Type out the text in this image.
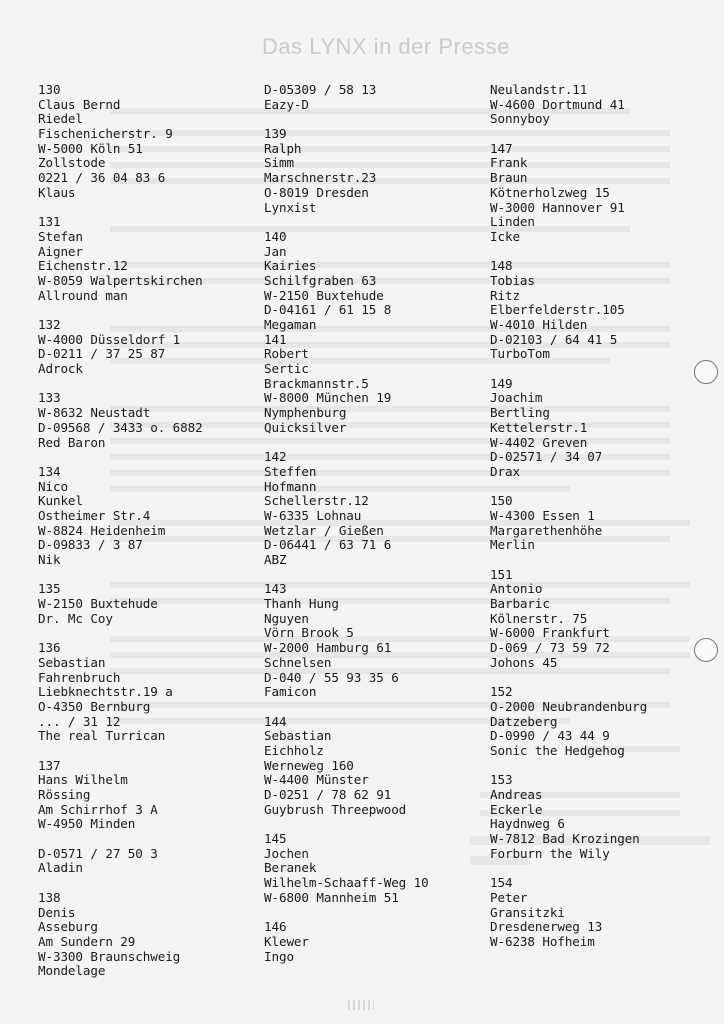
Das LYNX in der Presse
130
Claus Bernd
Riedel
Fischenicherstr. 9
W-5000 Köln 51
Zollstode
0221 / 36 04 83 6
Klaus
131
Stefan
Aigner
Eichenstr.12
W-8059 Walpertskirchen
Allround man
132
W-4000 Düsseldorf 1
D-0211 / 37 25 87
Adrock
133
W-8632 Neustadt
D-09568 / 3433 o. 6882
Red Baron
134
Nico
Kunkel
Ostheimer Str.4
W-8824 Heidenheim
D-09833 / 3 87
Nik
135
W-2150 Buxtehude
Dr. Mc Coy
136
Sebastian
Fahrenbruch
Liebknechtstr.19 a
O-4350 Bernburg
... / 31 12
The real Turrican
137
Hans Wilhelm
Rössing
Am Schirrhof 3 A
W-4950 Minden
D-0571 / 27 50 3
Aladin
138
Denis
Asseburg
Am Sundern 29
W-3300 Braunschweig
Mondelage
D-05309 / 58 13
Eazy-D
139
Ralph
Simm
Marschnerstr.23
O-8019 Dresden
Lynxist
140
Jan
Kairies
Schilfgraben 63
W-2150 Buxtehude
D-04161 / 61 15 8
Megaman
141
Robert
Sertic
Brackmannstr.5
W-8000 München 19
Nymphenburg
Quicksilver
142
Steffen
Hofmann
Schellerstr.12
W-6335 Lohnau
Wetzlar / Gießen
D-06441 / 63 71 6
ABZ
143
Thanh Hung
Nguyen
Vörn Brook 5
W-2000 Hamburg 61
Schnelsen
D-040 / 55 93 35 6
Famicon
144
Sebastian
Eichholz
Werneweg 160
W-4400 Münster
D-0251 / 78 62 91
Guybrush Threepwood
145
Jochen
Beranek
Wilhelm-Schaaff-Weg 10
W-6800 Mannheim 51
146
Klewer
Ingo
Neulandstr.11
W-4600 Dortmund 41
Sonnyboy
147
Frank
Braun
Kötnerholzweg 15
W-3000 Hannover 91
Linden
Icke
148
Tobias
Ritz
Elberfelderstr.105
W-4010 Hilden
D-02103 / 64 41 5
TurboTom
149
Joachim
Bertling
Kettelerstr.1
W-4402 Greven
D-02571 / 34 07
Drax
150
W-4300 Essen 1
Margarethenhöhe
Merlin
151
Antonio
Barbaric
Kölnerstr. 75
W-6000 Frankfurt
D-069 / 73 59 72
Johons 45
152
O-2000 Neubrandenburg
Datzeberg
D-0990 / 43 44 9
Sonic the Hedgehog
153
Andreas
Eckerle
Haydnweg 6
W-7812 Bad Krozingen
Forburn the Wily
154
Peter
Gransitzki
Dresdenerweg 13
W-6238 Hofheim
